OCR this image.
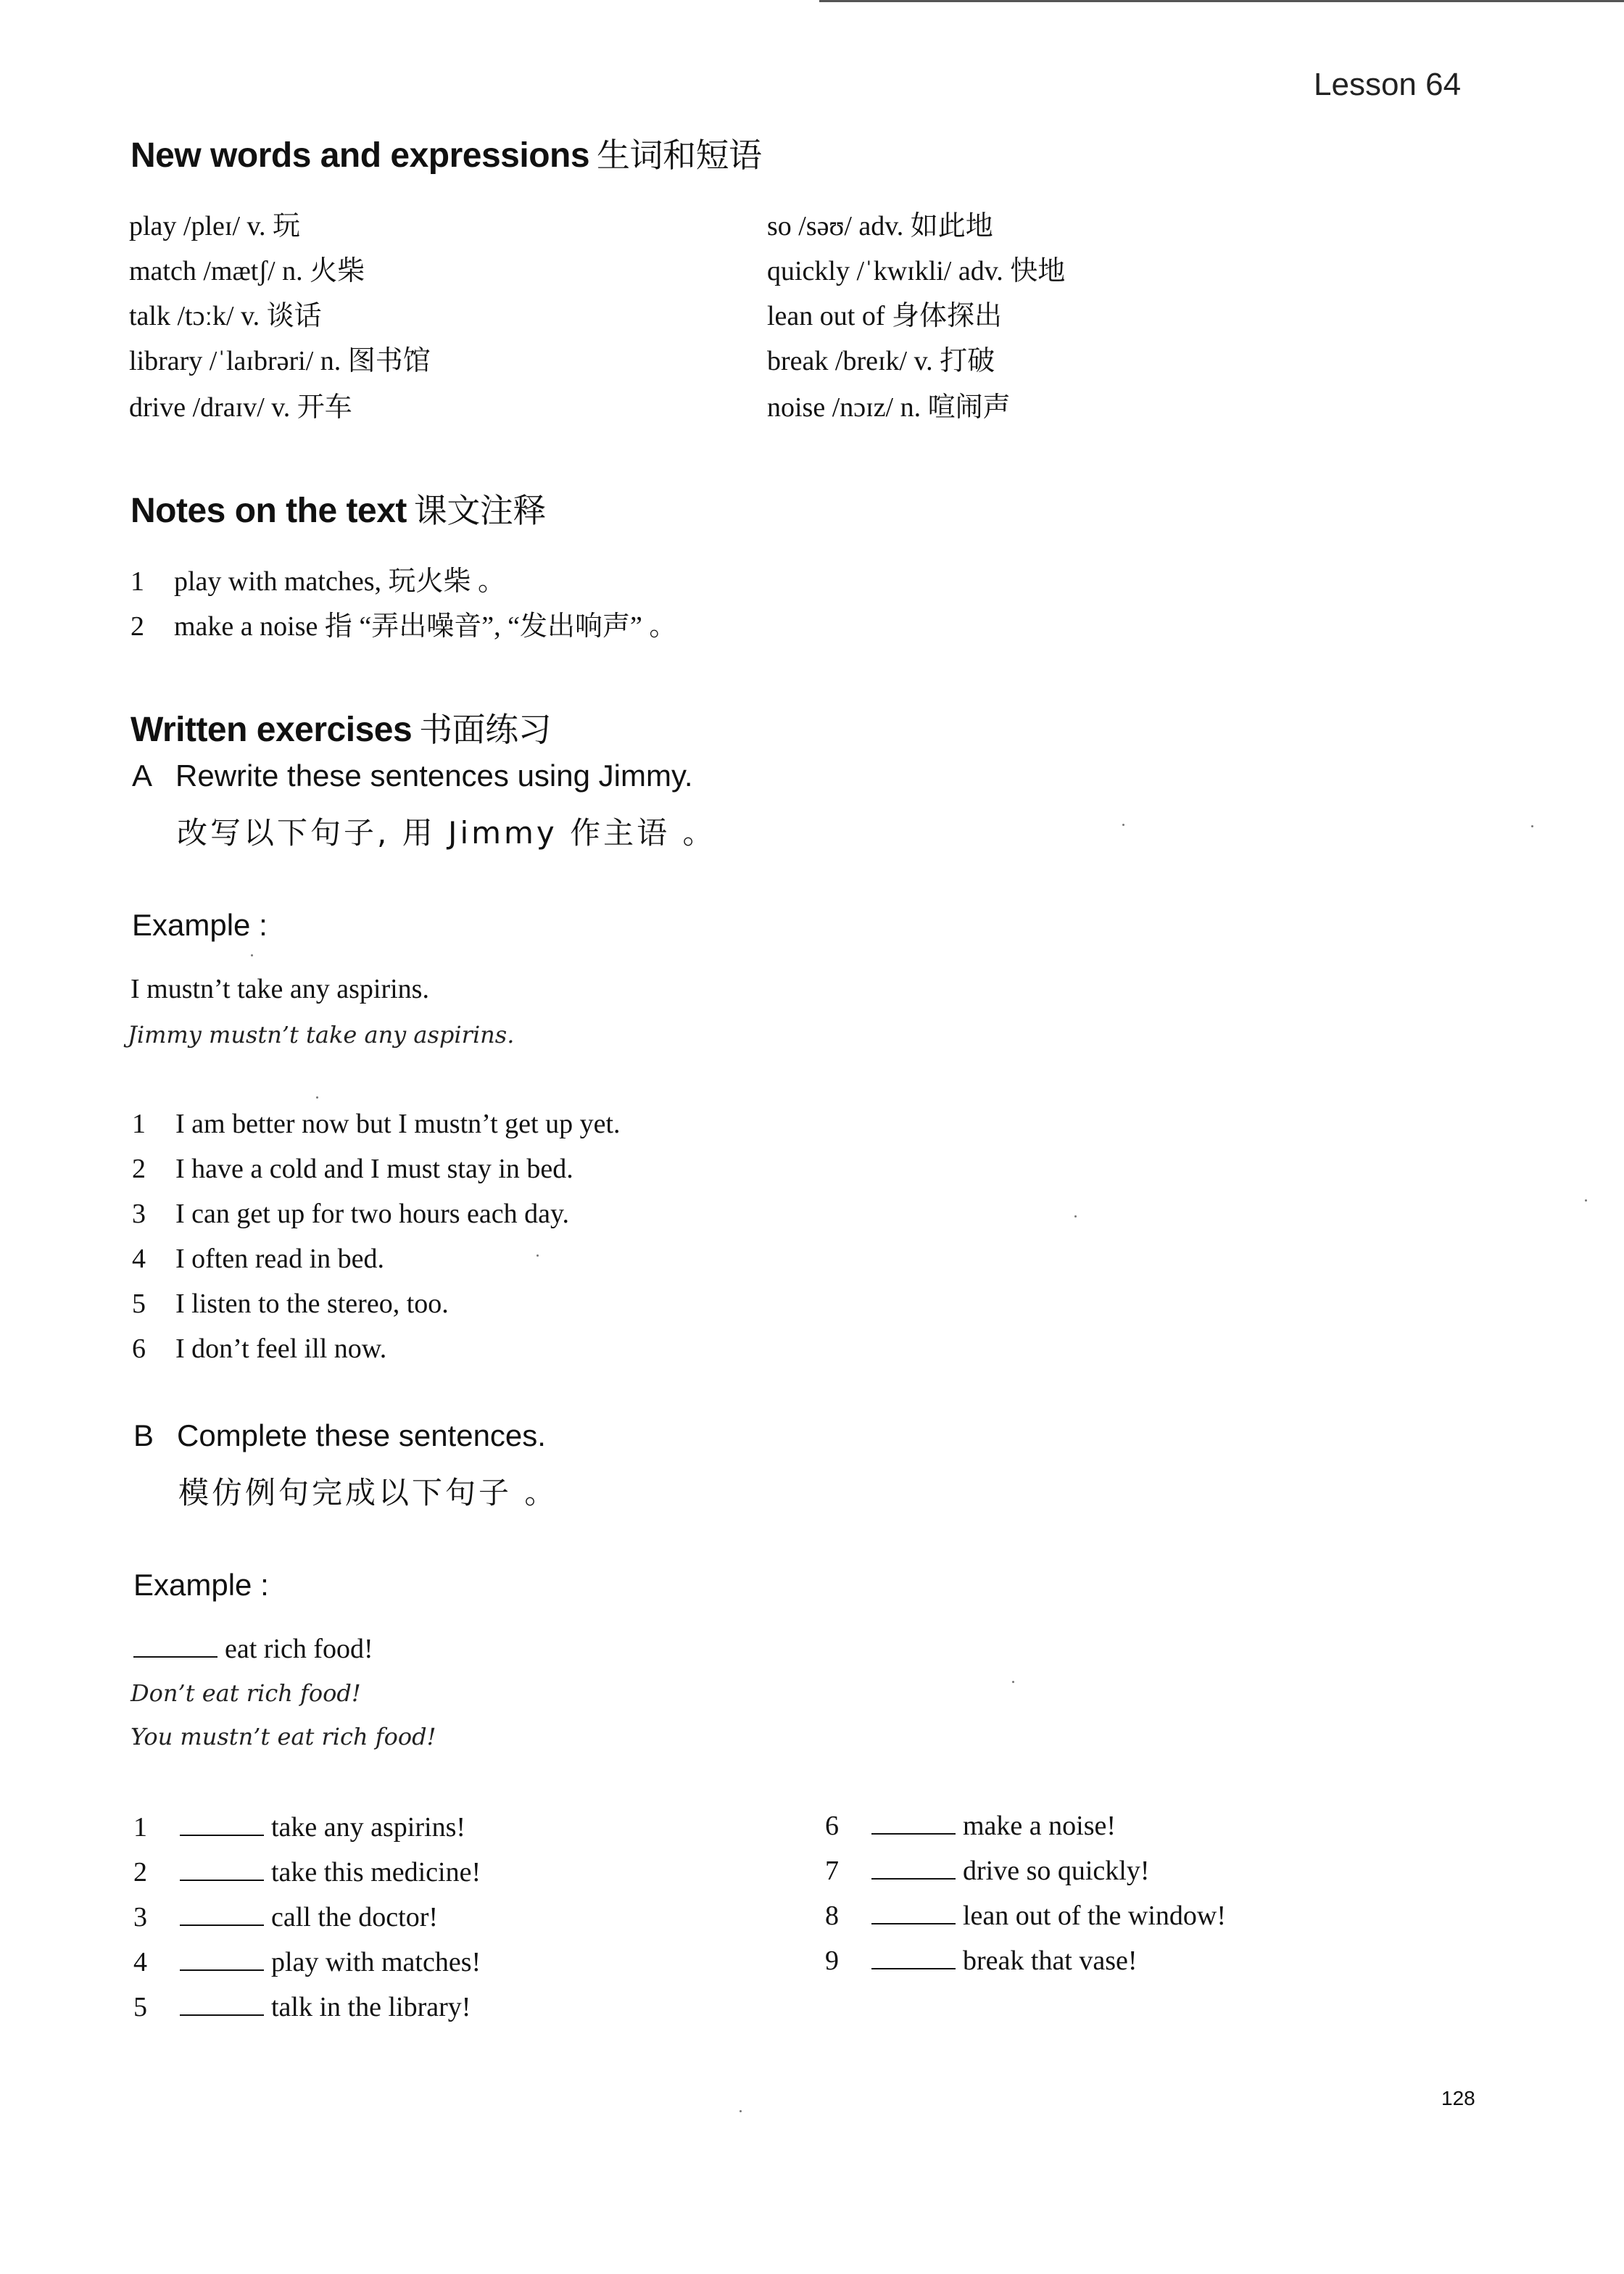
Lesson 64
New words and expressions 生词和短语
play /pleɪ/ v. 玩
match /mætʃ/ n. 火柴
talk /tɔːk/ v. 谈话
library /ˈlaɪbrəri/ n. 图书馆
drive /draɪv/ v. 开车
so /səʊ/ adv. 如此地
quickly /ˈkwɪkli/ adv. 快地
lean out of 身体探出
break /breɪk/ v. 打破
noise /nɔɪz/ n. 喧闹声
Notes on the text 课文注释
1 play with matches, 玩火柴 。
2 make a noise 指 “弄出噪音”, “发出响声” 。
Written exercises 书面练习
A Rewrite these sentences using Jimmy.
改写以下句子, 用 Jimmy 作主语 。
Example :
I mustn’t take any aspirins.
Jimmy mustn’t take any aspirins.
1 I am better now but I mustn’t get up yet.
2 I have a cold and I must stay in bed.
3 I can get up for two hours each day.
4 I often read in bed.
5 I listen to the stereo, too.
6 I don’t feel ill now.
B Complete these sentences.
模仿例句完成以下句子 。
Example :
eat rich food!
Don’t eat rich food!
You mustn’t eat rich food!
1	take any aspirins!
2	take this medicine!
3	call the doctor!
4	play with matches!
5	talk in the library!
6	make a noise!
7	drive so quickly!
8	lean out of the window!
9	break that vase!
128
